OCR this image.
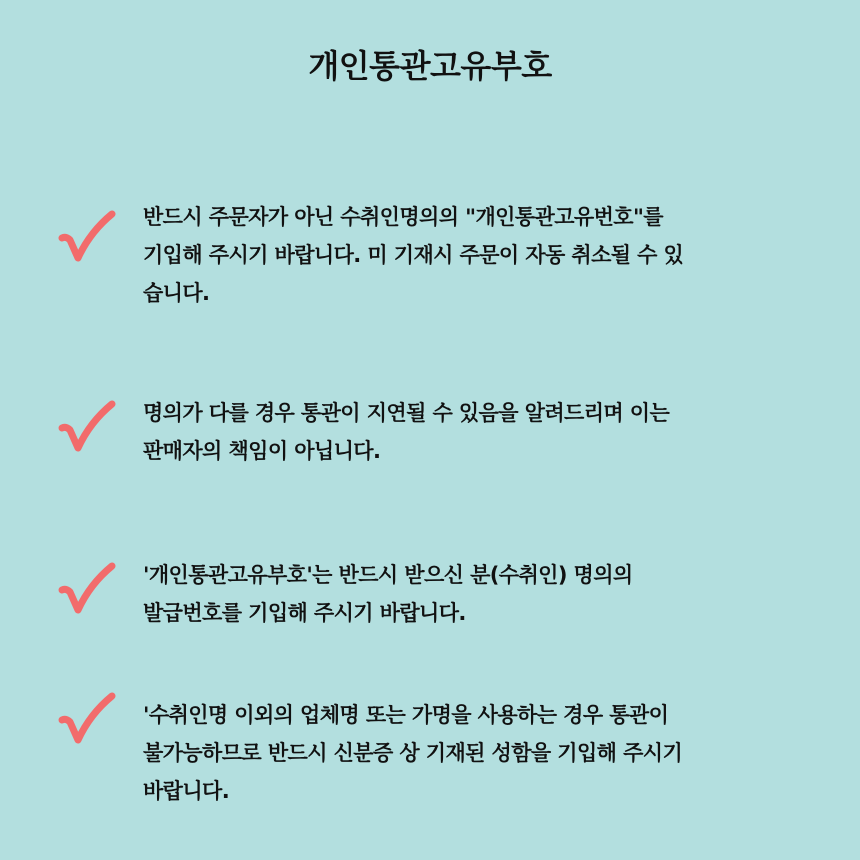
개인통관고유부호
반드시 주문자가 아닌 수취인명의의 "개인통관고유번호"를
기입해 주시기 바랍니다. 미 기재시 주문이 자동 취소될 수 있
습니다.
명의가 다를 경우 통관이 지연될 수 있음을 알려드리며 이는
판매자의 책임이 아닙니다.
'개인통관고유부호'는 반드시 받으신 분(수취인) 명의의
발급번호를 기입해 주시기 바랍니다.
'수취인명 이외의 업체명 또는 가명을 사용하는 경우 통관이
불가능하므로 반드시 신분증 상 기재된 성함을 기입해 주시기
바랍니다.
